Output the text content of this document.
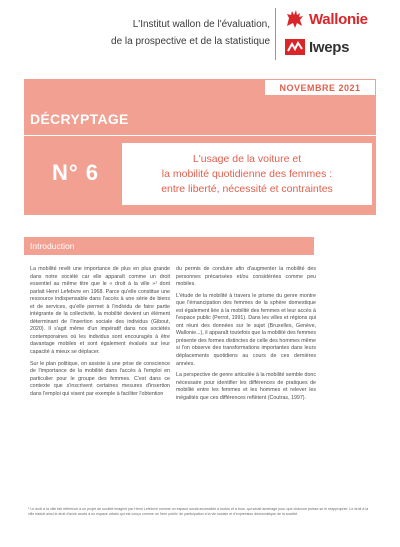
L'Institut wallon de l'évaluation,
de la prospective et de la statistique
Wallonie
Iweps
NOVEMBRE 2021
DÉCRYPTAGE
N° 6
L'usage de la voiture et
la mobilité quotidienne des femmes :
entre liberté, nécessité et contraintes
Introduction

La mobilité revêt une importance de plus en plus grande dans notre société car elle apparaît comme un droit essentiel au même titre que le « droit à la ville »¹ dont parlait Henri Lefebvre en 1968. Parce qu'elle constitue une ressource indispensable dans l'accès à une série de biens et de services, qu'elle permet à l'individu de faire partie intégrante de la collectivité, la mobilité devient un élément déterminant de l'insertion sociale des individus (Gibout, 2020). Il s'agit même d'un impératif dans nos sociétés contemporaines où les individus sont encouragés à être davantage mobiles et sont également évalués sur leur capacité à mieux se déplacer.

Sur le plan politique, on assiste à une prise de conscience de l'importance de la mobilité dans l'accès à l'emploi en particulier pour le groupe des femmes. C'est dans ce contexte que s'inscrivent certaines mesures d'insertion dans l'emploi qui visent par exemple à faciliter l'obtention

du permis de conduire afin d'augmenter la mobilité des personnes précarisées et/ou considérées comme peu mobiles.

L'étude de la mobilité à travers le prisme du genre montre que l'émancipation des femmes de la sphère domestique est également liée à la mobilité des femmes et leur accès à l'espace public (Perrot, 1991). Dans les villes et régions qui ont réuni des données sur le sujet (Bruxelles, Genève, Wallonie...), il apparaît toutefois que la mobilité des femmes présente des formes distinctes de celle des hommes même si l'on observe des transformations importantes dans leurs déplacements quotidiens au cours de ces dernières années.

La perspective de genre articulée à la mobilité semble donc nécessaire pour identifier les différences de pratiques de mobilité entre les femmes et les hommes et relever les inégalités que ces différences reflètent (Coutras, 1997).

¹ Le droit à la ville fait référence à un projet de société imaginé par Henri Lefebvre comme un espace social accessible à toutes et à tous, qui serait aménagé pour que chacune puisse se le réapproprier. Le droit à la ville traduit ainsi le droit d'avoir accès à un espace urbain qui est conçu comme un 'bien public' de participation à la vie sociale et d'expression démocratique de la société.
